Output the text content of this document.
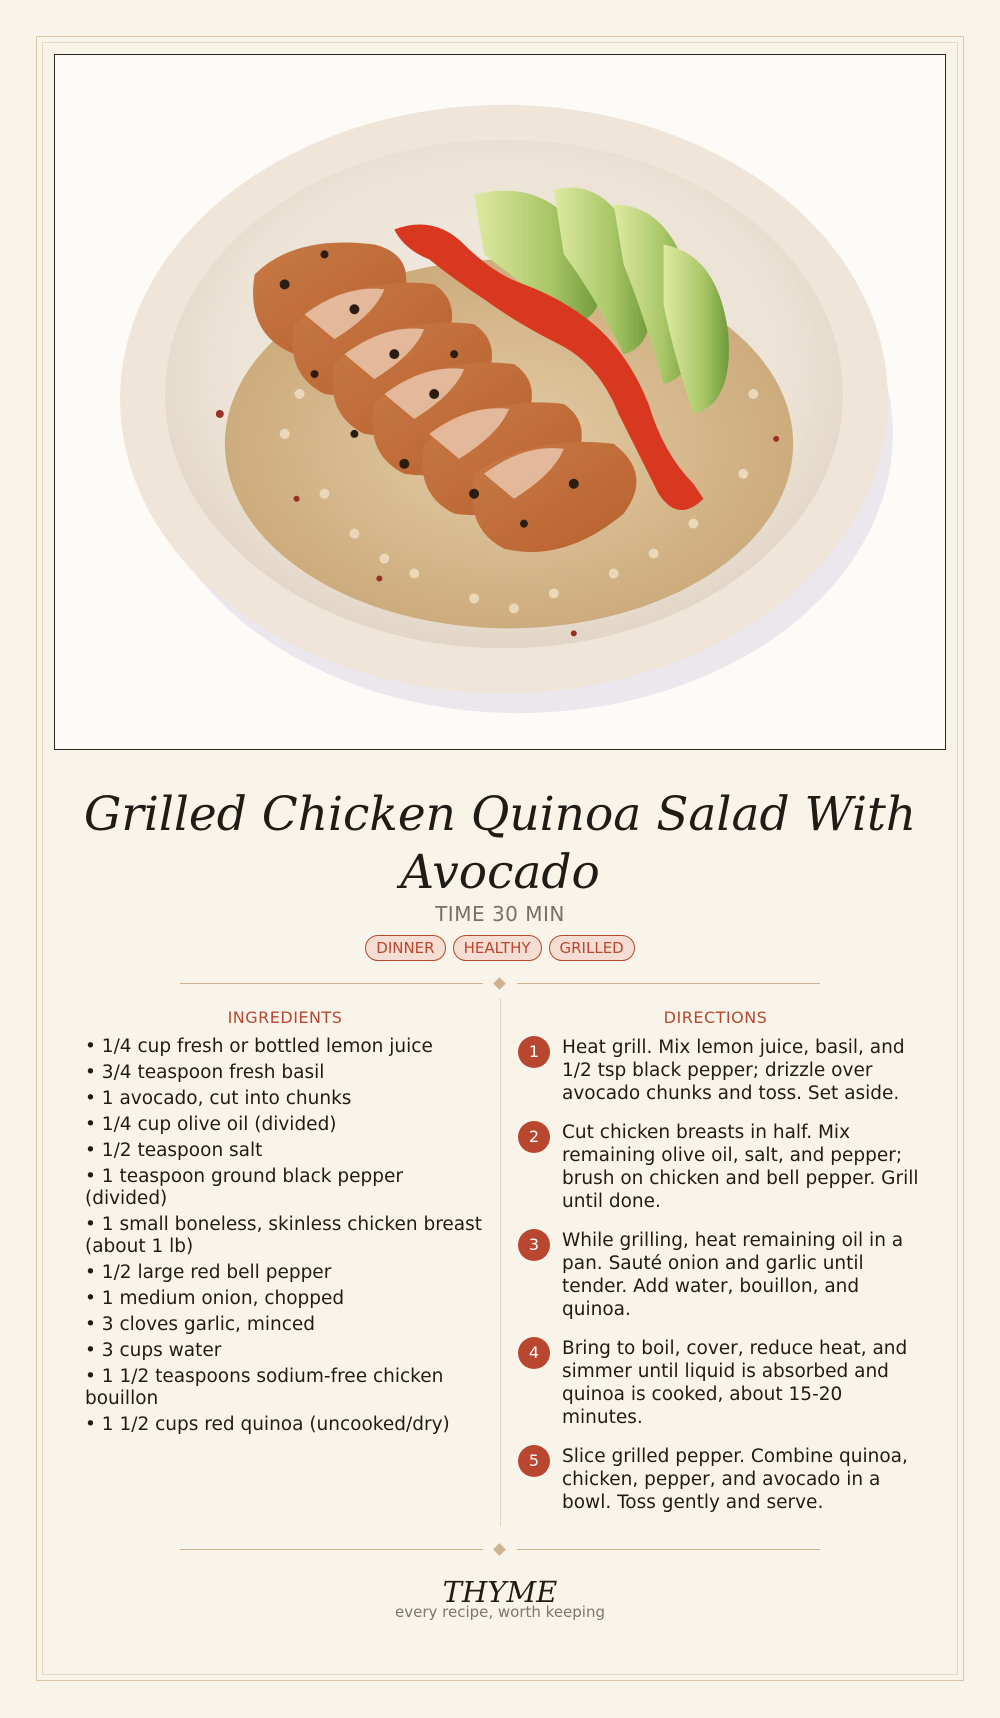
Grilled Chicken Quinoa Salad With Avocado
TIME 30 MIN
DINNER	HEALTHY	GRILLED
INGREDIENTS	DIRECTIONS
• 1/4 cup fresh or bottled lemon juice
• 3/4 teaspoon fresh basil
• 1 avocado, cut into chunks
• 1/4 cup olive oil (divided)
• 1/2 teaspoon salt
• 1 teaspoon ground black pepper (divided)
• 1 small boneless, skinless chicken breast (about 1 lb)
• 1/2 large red bell pepper
• 1 medium onion, chopped
• 3 cloves garlic, minced
• 3 cups water
• 1 1/2 teaspoons sodium-free chicken bouillon
• 1 1/2 cups red quinoa (uncooked/dry)
1	Heat grill. Mix lemon juice, basil, and 1/2 tsp black pepper; drizzle over avocado chunks and toss. Set aside.
2	Cut chicken breasts in half. Mix remaining olive oil, salt, and pepper; brush on chicken and bell pepper. Grill until done.
3	While grilling, heat remaining oil in a pan. Sauté onion and garlic until tender. Add water, bouillon, and quinoa.
4	Bring to boil, cover, reduce heat, and simmer until liquid is absorbed and quinoa is cooked, about 15-20 minutes.
5	Slice grilled pepper. Combine quinoa, chicken, pepper, and avocado in a bowl. Toss gently and serve.
THYME
every recipe, worth keeping
